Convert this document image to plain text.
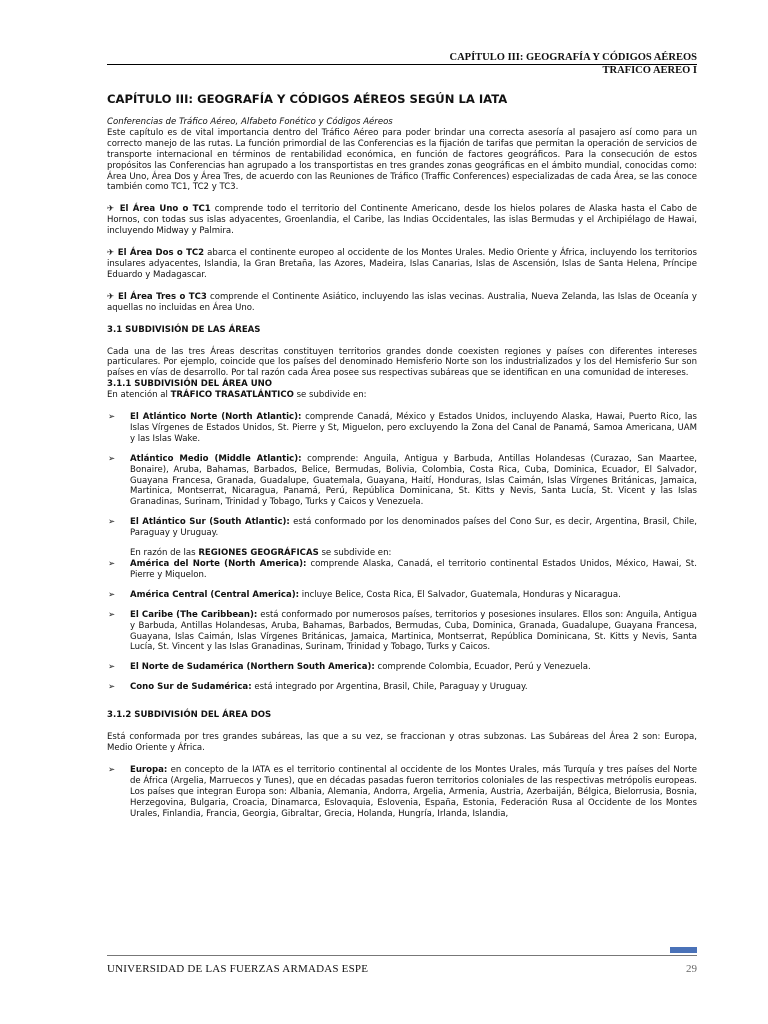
CAPÍTULO III: GEOGRAFÍA Y CÓDIGOS AÉREOS
TRAFICO AEREO I
CAPÍTULO III: GEOGRAFÍA Y CÓDIGOS AÉREOS SEGÚN LA IATA

Conferencias de Tráfico Aéreo, Alfabeto Fonético y Códigos Aéreos

Este capítulo es de vital importancia dentro del Tráfico Aéreo para poder brindar una correcta asesoría al pasajero así como para un correcto manejo de las rutas. La función primordial de las Conferencias es la fijación de tarifas que permitan la operación de servicios de transporte internacional en términos de rentabilidad económica, en función de factores geográficos. Para la consecución de estos propósitos las Conferencias han agrupado a los transportistas en tres grandes zonas geográficas en el ámbito mundial, conocidas como: Área Uno, Área Dos y Área Tres, de acuerdo con las Reuniones de Tráfico (Traffic Conferences) especializadas de cada Área, se las conoce también como TC1, TC2 y TC3.

✈ El Área Uno o TC1 comprende todo el territorio del Continente Americano, desde los hielos polares de Alaska hasta el Cabo de Hornos, con todas sus islas adyacentes, Groenlandia, el Caribe, las Indias Occidentales, las islas Bermudas y el Archipiélago de Hawai, incluyendo Midway y Palmira.

✈ El Área Dos o TC2 abarca el continente europeo al occidente de los Montes Urales. Medio Oriente y África, incluyendo los territorios insulares adyacentes, Islandia, la Gran Bretaña, las Azores, Madeira, Islas Canarias, Islas de Ascensión, Islas de Santa Helena, Príncipe Eduardo y Madagascar.

✈ El Área Tres o TC3 comprende el Continente Asiático, incluyendo las islas vecinas. Australia, Nueva Zelanda, las Islas de Oceanía y aquellas no incluidas en Área Uno.

3.1 SUBDIVISIÓN DE LAS ÁREAS

Cada una de las tres Áreas descritas constituyen territorios grandes donde coexisten regiones y países con diferentes intereses particulares. Por ejemplo, coincide que los países del denominado Hemisferio Norte son los industrializados y los del Hemisferio Sur son países en vías de desarrollo. Por tal razón cada Área posee sus respectivas subáreas que se identifican en una comunidad de intereses.

3.1.1 SUBDIVISIÓN DEL ÁREA UNO

En atención al TRÁFICO TRASATLÁNTICO se subdivide en:

➢ El Atlántico Norte (North Atlantic): comprende Canadá, México y Estados Unidos, incluyendo Alaska, Hawai, Puerto Rico, las Islas Vírgenes de Estados Unidos, St. Pierre y St, Miguelon, pero excluyendo la Zona del Canal de Panamá, Samoa Americana, UAM y las Islas Wake.
➢ Atlántico Medio (Middle Atlantic): comprende: Anguila, Antigua y Barbuda, Antillas Holandesas (Curazao, San Maartee, Bonaire), Aruba, Bahamas, Barbados, Belice, Bermudas, Bolivia, Colombia, Costa Rica, Cuba, Dominica, Ecuador, El Salvador, Guayana Francesa, Granada, Guadalupe, Guatemala, Guayana, Haití, Honduras, Islas Caimán, Islas Vírgenes Británicas, Jamaica, Martinica, Montserrat, Nicaragua, Panamá, Perú, República Dominicana, St. Kitts y Nevis, Santa Lucía, St. Vicent y las Islas Granadinas, Surinam, Trinidad y Tobago, Turks y Caicos y Venezuela.
➢ El Atlántico Sur (South Atlantic): está conformado por los denominados países del Cono Sur, es decir, Argentina, Brasil, Chile, Paraguay y Uruguay.

En razón de las REGIONES GEOGRÁFICAS se subdivide en:

➢ América del Norte (North America): comprende Alaska, Canadá, el territorio continental Estados Unidos, México, Hawai, St. Pierre y Miquelon.
➢ América Central (Central America): incluye Belice, Costa Rica, El Salvador, Guatemala, Honduras y Nicaragua.
➢ El Caribe (The Caribbean): está conformado por numerosos países, territorios y posesiones insulares. Ellos son: Anguila, Antigua y Barbuda, Antillas Holandesas, Aruba, Bahamas, Barbados, Bermudas, Cuba, Dominica, Granada, Guadalupe, Guayana Francesa, Guayana, Islas Caimán, Islas Vírgenes Británicas, Jamaica, Martinica, Montserrat, República Dominicana, St. Kitts y Nevis, Santa Lucía, St. Vincent y las Islas Granadinas, Surinam, Trinidad y Tobago, Turks y Caicos.
➢ El Norte de Sudamérica (Northern South America): comprende Colombia, Ecuador, Perú y Venezuela.
➢ Cono Sur de Sudamérica: está integrado por Argentina, Brasil, Chile, Paraguay y Uruguay.

3.1.2 SUBDIVISIÓN DEL ÁREA DOS

Está conformada por tres grandes subáreas, las que a su vez, se fraccionan y otras subzonas. Las Subáreas del Área 2 son: Europa, Medio Oriente y África.

➢ Europa: en concepto de la IATA es el territorio continental al occidente de los Montes Urales, más Turquía y tres países del Norte de África (Argelia, Marruecos y Tunes), que en décadas pasadas fueron territorios coloniales de las respectivas metrópolis europeas. Los países que integran Europa son: Albania, Alemania, Andorra, Argelia, Armenia, Austria, Azerbaiján, Bélgica, Bielorrusia, Bosnia, Herzegovina, Bulgaria, Croacia, Dinamarca, Eslovaquia, Eslovenia, España, Estonia, Federación Rusa al Occidente de los Montes Urales, Finlandia, Francia, Georgia, Gibraltar, Grecia, Holanda, Hungría, Irlanda, Islandia,
UNIVERSIDAD DE LAS FUERZAS ARMADAS ESPE	29
